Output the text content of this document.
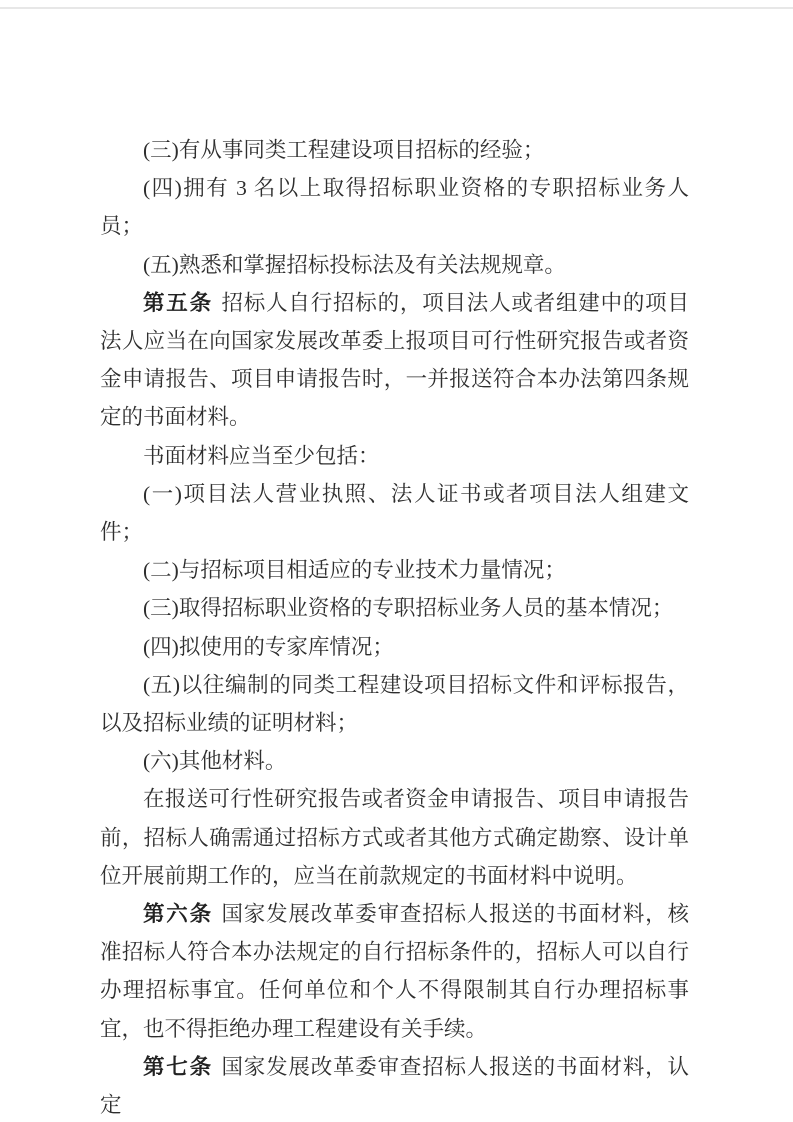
(三)有从事同类工程建设项目招标的经验；

(四)拥有 3 名以上取得招标职业资格的专职招标业务人员；

(五)熟悉和掌握招标投标法及有关法规规章。

第五条 招标人自行招标的，项目法人或者组建中的项目法人应当在向国家发展改革委上报项目可行性研究报告或者资金申请报告、项目申请报告时，一并报送符合本办法第四条规定的书面材料。

书面材料应当至少包括：

(一)项目法人营业执照、法人证书或者项目法人组建文件；

(二)与招标项目相适应的专业技术力量情况；

(三)取得招标职业资格的专职招标业务人员的基本情况；

(四)拟使用的专家库情况；

(五)以往编制的同类工程建设项目招标文件和评标报告，以及招标业绩的证明材料；

(六)其他材料。

在报送可行性研究报告或者资金申请报告、项目申请报告前，招标人确需通过招标方式或者其他方式确定勘察、设计单位开展前期工作的，应当在前款规定的书面材料中说明。

第六条 国家发展改革委审查招标人报送的书面材料，核准招标人符合本办法规定的自行招标条件的，招标人可以自行办理招标事宜。任何单位和个人不得限制其自行办理招标事宜，也不得拒绝办理工程建设有关手续。

第七条 国家发展改革委审查招标人报送的书面材料，认定
